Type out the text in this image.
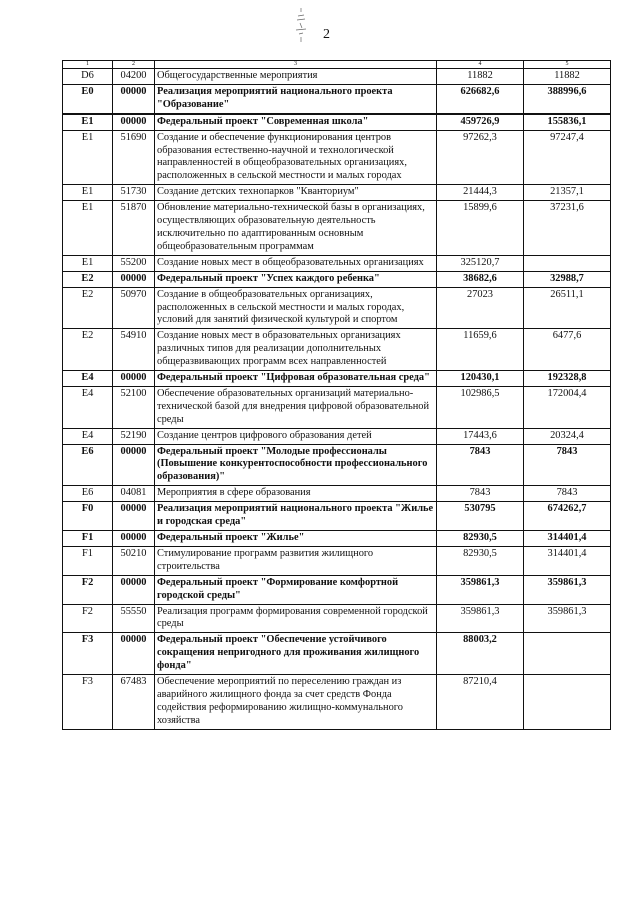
2
1	2	3	4	5
D6	04200	Общегосударственные мероприятия	11882	11882
E0	00000	Реализация мероприятий национального проекта "Образование"	626682,6	388996,6
E1	00000	Федеральный проект "Современная школа"	459726,9	155836,1
E1	51690	Создание и обеспечение функционирования центров образования естественно-научной и технологической направленностей в общеобразовательных организациях, расположенных в сельской местности и малых городах	97262,3	97247,4
E1	51730	Создание детских технопарков "Кванториум"	21444,3	21357,1
E1	51870	Обновление материально-технической базы в организациях, осуществляющих образовательную деятельность исключительно по адаптированным основным общеобразовательным программам	15899,6	37231,6
E1	55200	Создание новых мест в общеобразовательных организациях	325120,7	
E2	00000	Федеральный проект "Успех каждого ребенка"	38682,6	32988,7
E2	50970	Создание в общеобразовательных организациях, расположенных в сельской местности и малых городах, условий для занятий физической культурой и спортом	27023	26511,1
E2	54910	Создание новых мест в образовательных организациях различных типов для реализации дополнительных общеразвивающих программ всех направленностей	11659,6	6477,6
E4	00000	Федеральный проект "Цифровая образовательная среда"	120430,1	192328,8
E4	52100	Обеспечение образовательных организаций материально-технической базой для внедрения цифровой образовательной среды	102986,5	172004,4
E4	52190	Создание центров цифрового образования детей	17443,6	20324,4
E6	00000	Федеральный проект "Молодые профессионалы (Повышение конкурентоспособности профессионального образования)"	7843	7843
E6	04081	Мероприятия в сфере образования	7843	7843
F0	00000	Реализация мероприятий национального проекта "Жилье и городская среда"	530795	674262,7
F1	00000	Федеральный проект "Жилье"	82930,5	314401,4
F1	50210	Стимулирование программ развития жилищного строительства	82930,5	314401,4
F2	00000	Федеральный проект "Формирование комфортной городской среды"	359861,3	359861,3
F2	55550	Реализация программ формирования современной городской среды	359861,3	359861,3
F3	00000	Федеральный проект "Обеспечение устойчивого сокращения непригодного для проживания жилищного фонда"	88003,2	
F3	67483	Обеспечение мероприятий по переселению граждан из аварийного жилищного фонда за счет средств Фонда содействия реформированию жилищно-коммунального хозяйства	87210,4	
